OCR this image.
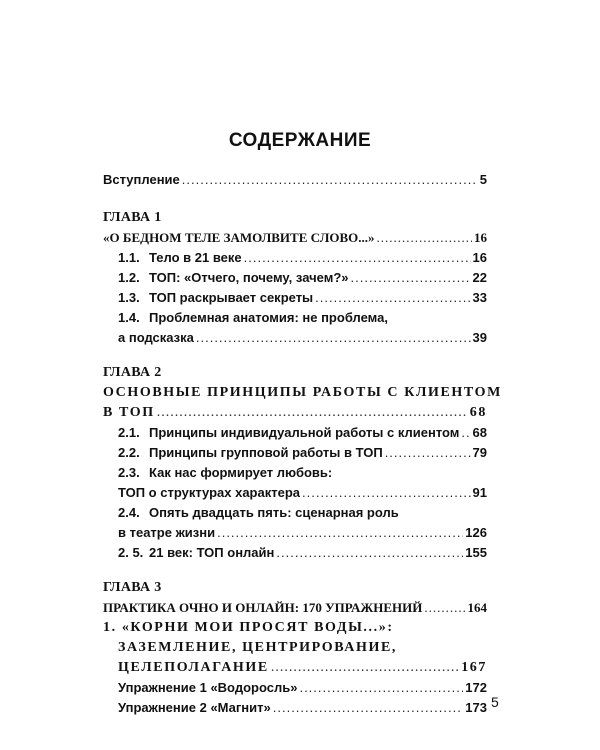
СОДЕРЖАНИЕ
Вступление .....	5
ГЛАВА 1
«О БЕДНОМ ТЕЛЕ ЗАМОЛВИТЕ СЛОВО...» .....	16
1.1. Тело в 21 веке .....	16
1.2. ТОП: «Отчего, почему, зачем?» .....	22
1.3. ТОП раскрывает секреты .....	33
1.4. Проблемная анатомия: не проблема,
а подсказка .....	39
ГЛАВА 2
ОСНОВНЫЕ ПРИНЦИПЫ РАБОТЫ С КЛИЕНТОМ
В ТОП .....	68
2.1. Принципы индивидуальной работы с клиентом ..... 68
2.2. Принципы групповой работы в ТОП .....	79
2.3. Как нас формирует любовь:
ТОП о структурах характера .....	91
2.4. Опять двадцать пять: сценарная роль
в театре жизни .....	126
2. 5. 21 век: ТОП онлайн .....	155
ГЛАВА 3
ПРАКТИКА ОЧНО И ОНЛАЙН: 170 УПРАЖНЕНИЙ .....	164
1.
«КОРНИ МОИ ПРОСЯТ ВОДЫ...»:
ЗАЗЕМЛЕНИЕ, ЦЕНТРИРОВАНИЕ,
ЦЕЛЕПОЛАГАНИЕ .....	167
Упражнение 1 «Водоросль» .....	172
Упражнение 2 «Магнит» .....	173 5
